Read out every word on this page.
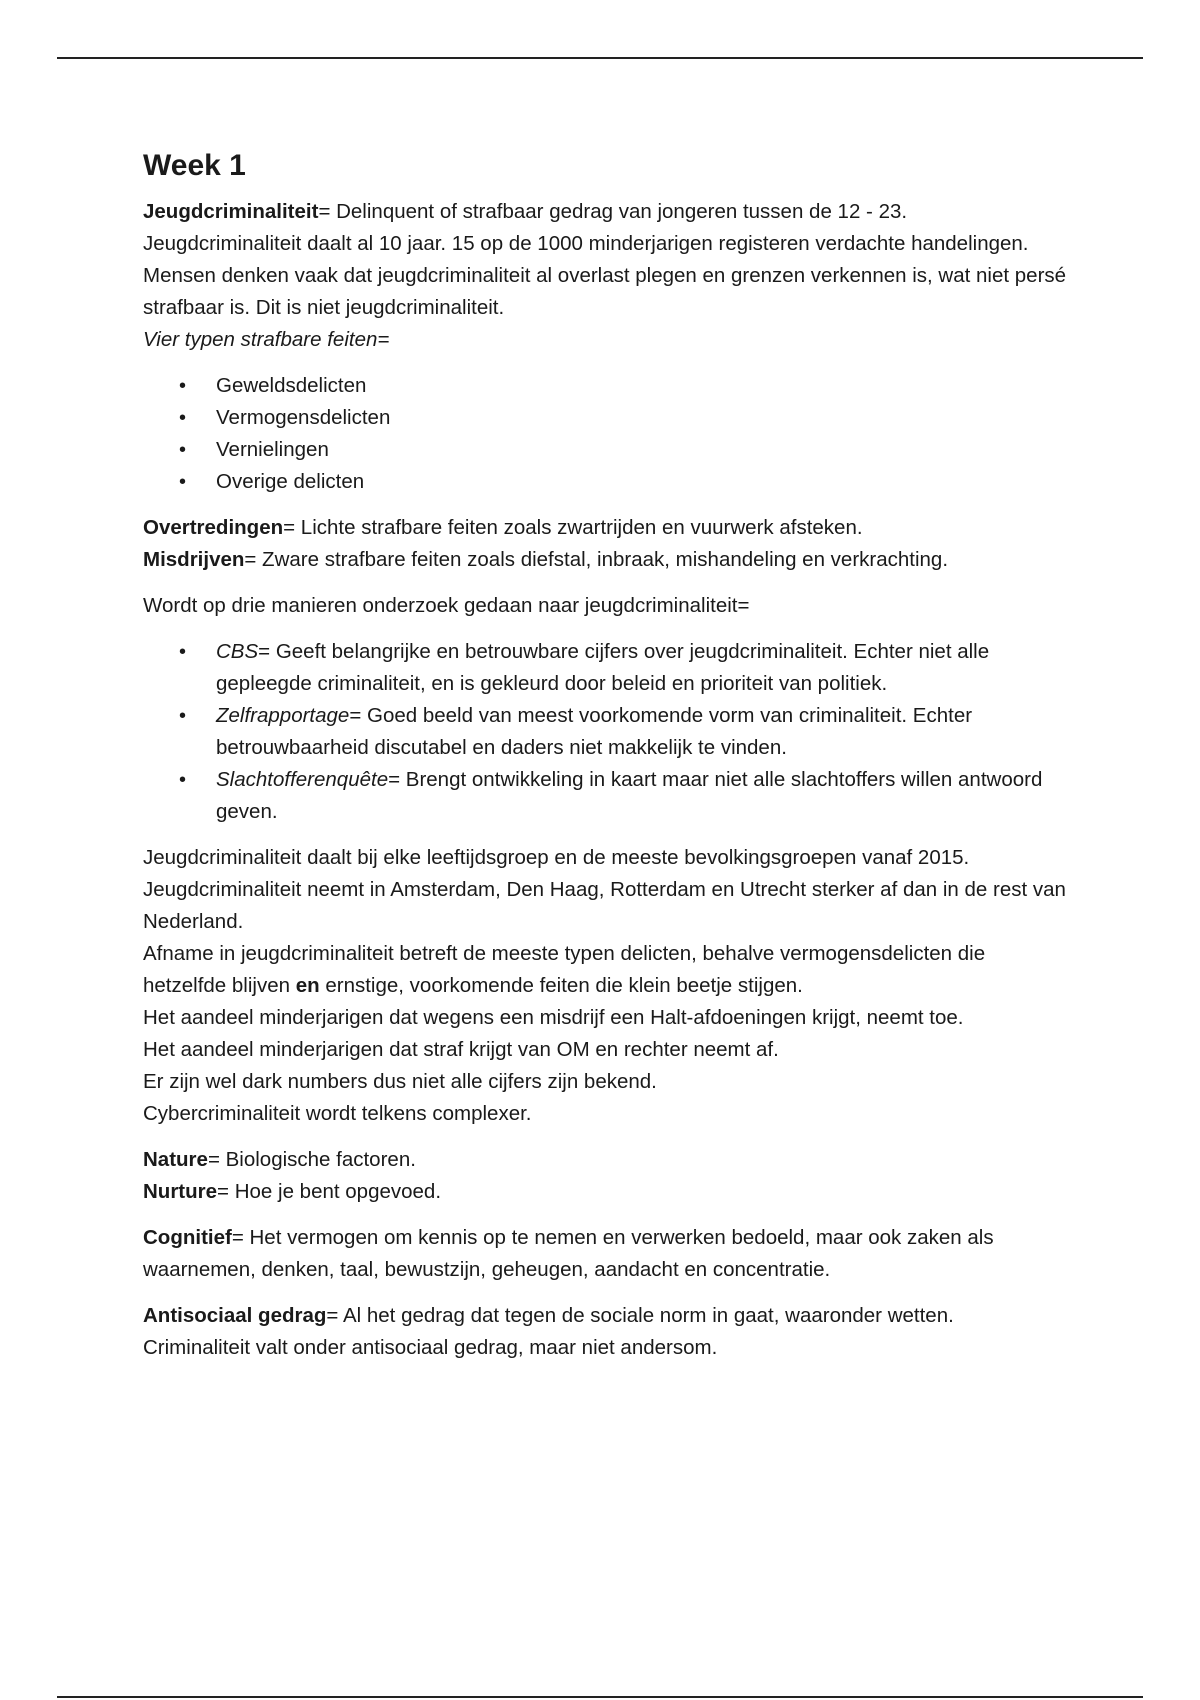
Week 1

Jeugdcriminaliteit= Delinquent of strafbaar gedrag van jongeren tussen de 12 - 23.

Jeugdcriminaliteit daalt al 10 jaar. 15 op de 1000 minderjarigen registeren verdachte handelingen.

Mensen denken vaak dat jeugdcriminaliteit al overlast plegen en grenzen verkennen is, wat niet persé strafbaar is. Dit is niet jeugdcriminaliteit.

Vier typen strafbare feiten=

• Geweldsdelicten
• Vermogensdelicten
• Vernielingen
• Overige delicten

Overtredingen= Lichte strafbare feiten zoals zwartrijden en vuurwerk afsteken.

Misdrijven= Zware strafbare feiten zoals diefstal, inbraak, mishandeling en verkrachting.

Wordt op drie manieren onderzoek gedaan naar jeugdcriminaliteit=

• CBS= Geeft belangrijke en betrouwbare cijfers over jeugdcriminaliteit. Echter niet alle gepleegde criminaliteit, en is gekleurd door beleid en prioriteit van politiek.
• Zelfrapportage= Goed beeld van meest voorkomende vorm van criminaliteit. Echter betrouwbaarheid discutabel en daders niet makkelijk te vinden.
• Slachtofferenquête= Brengt ontwikkeling in kaart maar niet alle slachtoffers willen antwoord geven.

Jeugdcriminaliteit daalt bij elke leeftijdsgroep en de meeste bevolkingsgroepen vanaf 2015.

Jeugdcriminaliteit neemt in Amsterdam, Den Haag, Rotterdam en Utrecht sterker af dan in de rest van Nederland.

Afname in jeugdcriminaliteit betreft de meeste typen delicten, behalve vermogensdelicten die hetzelfde blijven en ernstige, voorkomende feiten die klein beetje stijgen.

Het aandeel minderjarigen dat wegens een misdrijf een Halt-afdoeningen krijgt, neemt toe.

Het aandeel minderjarigen dat straf krijgt van OM en rechter neemt af.

Er zijn wel dark numbers dus niet alle cijfers zijn bekend.

Cybercriminaliteit wordt telkens complexer.

Nature= Biologische factoren.

Nurture= Hoe je bent opgevoed.

Cognitief= Het vermogen om kennis op te nemen en verwerken bedoeld, maar ook zaken als waarnemen, denken, taal, bewustzijn, geheugen, aandacht en concentratie.

Antisociaal gedrag= Al het gedrag dat tegen de sociale norm in gaat, waaronder wetten.

Criminaliteit valt onder antisociaal gedrag, maar niet andersom.
